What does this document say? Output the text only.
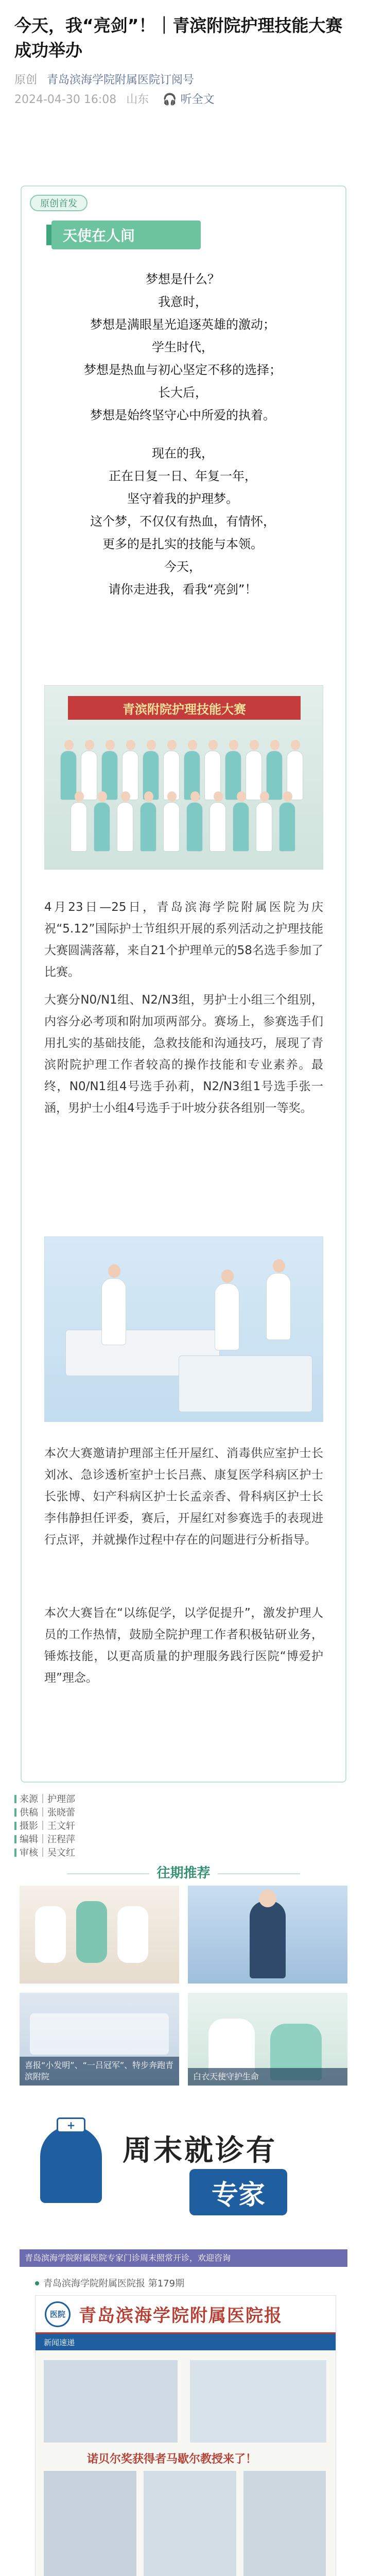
今天，我“亮剑”！｜青滨附院护理技能大赛成功举办
原创 青岛滨海学院附属医院订阅号
2024-04-30 16:08 山东 🎧 听全文
原创首发
天使在人间

梦想是什么？

我意时，

梦想是满眼星光追逐英雄的激动；

学生时代，

梦想是热血与初心坚定不移的选择；

长大后，

梦想是始终坚守心中所爱的执着。

现在的我，

正在日复一日、年复一年，

坚守着我的护理梦。

这个梦，不仅仅有热血，有情怀，

更多的是扎实的技能与本领。

今天，

请你走进我，看我“亮剑”！

青滨附院护理技能大赛

4月23日—25日，青岛滨海学院附属医院为庆祝“5.12”国际护士节组织开展的系列活动之护理技能大赛圆满落幕，来自21个护理单元的58名选手参加了比赛。

大赛分N0/N1组、N2/N3组，男护士小组三个组别，内容分必考项和附加项两部分。赛场上，参赛选手们用扎实的基础技能，急救技能和沟通技巧，展现了青滨附院护理工作者较高的操作技能和专业素养。最终，N0/N1组4号选手孙莉，N2/N3组1号选手张一涵，男护士小组4号选手于叶坡分获各组别一等奖。

本次大赛邀请护理部主任开屋红、消毒供应室护士长刘冰、急诊透析室护士长吕燕、康复医学科病区护士长张博、妇产科病区护士长孟亲香、骨科病区护士长李伟静担任评委，赛后，开屋红对参赛选手的表现进行点评，并就操作过程中存在的问题进行分析指导。

本次大赛旨在“以练促学，以学促提升”，激发护理人员的工作热情，鼓励全院护理工作者积极钻研业务，锤炼技能，以更高质量的护理服务践行医院“博爱护理”理念。

来源｜护理部

供稿｜张晓蕾

摄影｜王文轩

编辑｜汪程萍

审核｜吴文红

往期推荐
喜报“小发明”、“一吕冠军”、特步奔跑青滨附院	白衣天使守护生命
+
周末就诊有
专家
青岛滨海学院附属医院专家门诊周末照常开诊，欢迎咨询
青岛滨海学院附属医院报 第179期
医院 青岛滨海学院附属医院报
新闻速递
诺贝尔奖获得者马歇尔教授来了！
